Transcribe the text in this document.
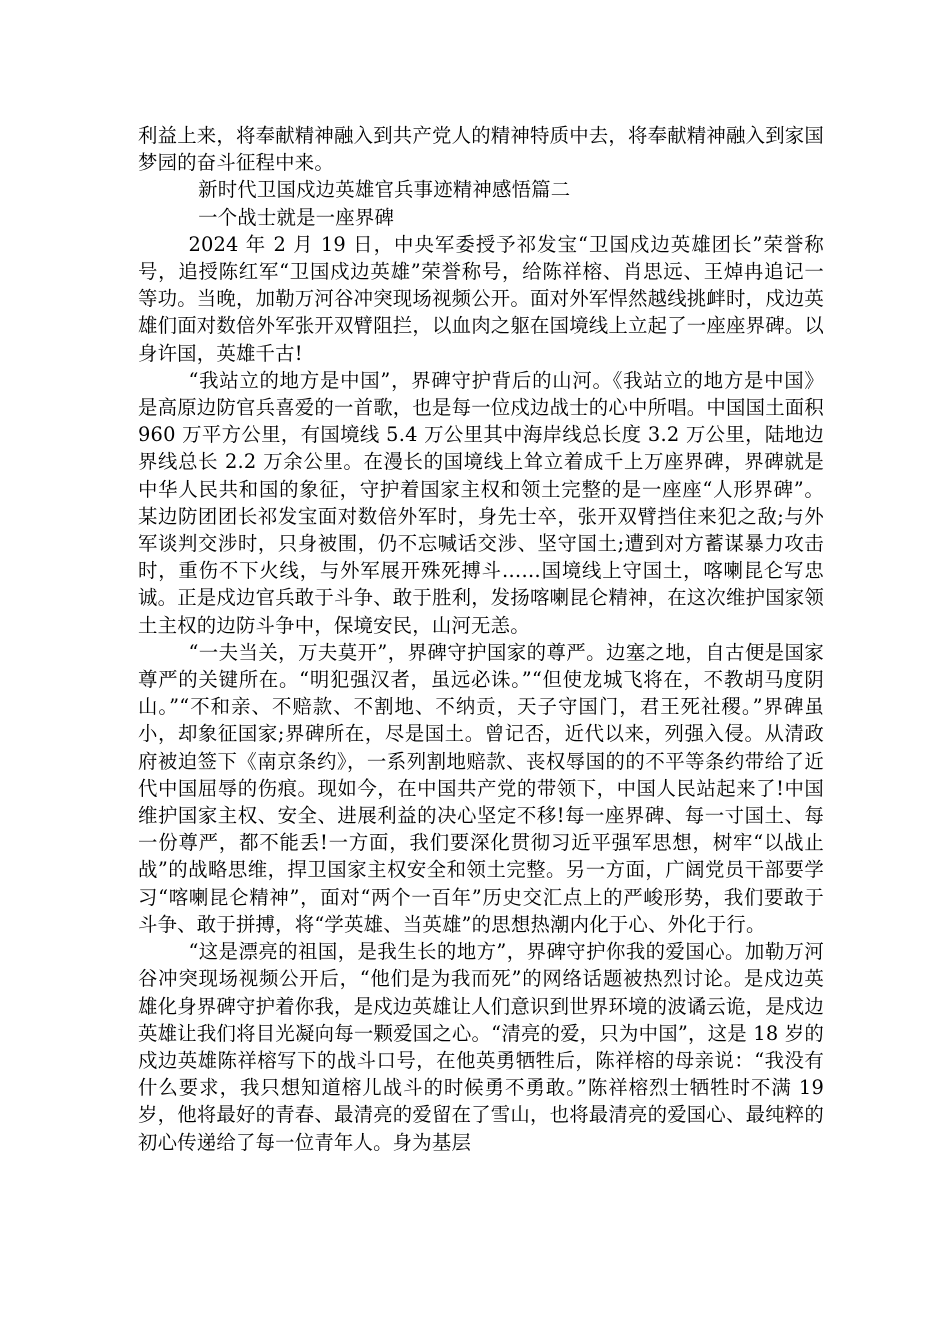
利益上来，将奉献精神融入到共产党人的精神特质中去，将奉献精神融入到家国梦园的奋斗征程中来。

新时代卫国戍边英雄官兵事迹精神感悟篇二

一个战士就是一座界碑

2024 年 2 月 19 日，中央军委授予祁发宝“卫国戍边英雄团长”荣誉称号，追授陈红军“卫国戍边英雄”荣誉称号，给陈祥榕、肖思远、王焯冉追记一等功。当晚，加勒万河谷冲突现场视频公开。面对外军悍然越线挑衅时，戍边英雄们面对数倍外军张开双臂阻拦，以血肉之躯在国境线上立起了一座座界碑。以身许国，英雄千古!

“我站立的地方是中国”，界碑守护背后的山河。《我站立的地方是中国》是高原边防官兵喜爱的一首歌，也是每一位戍边战士的心中所唱。中国国土面积 960 万平方公里，有国境线 5.4 万公里其中海岸线总长度 3.2 万公里，陆地边界线总长 2.2 万余公里。在漫长的国境线上耸立着成千上万座界碑，界碑就是中华人民共和国的象征，守护着国家主权和领土完整的是一座座“人形界碑”。某边防团团长祁发宝面对数倍外军时，身先士卒，张开双臂挡住来犯之敌;与外军谈判交涉时，只身被围，仍不忘喊话交涉、坚守国土;遭到对方蓄谋暴力攻击时，重伤不下火线，与外军展开殊死搏斗……国境线上守国土，喀喇昆仑写忠诚。正是戍边官兵敢于斗争、敢于胜利，发扬喀喇昆仑精神，在这次维护国家领土主权的边防斗争中，保境安民，山河无恙。

“一夫当关，万夫莫开”，界碑守护国家的尊严。边塞之地，自古便是国家尊严的关键所在。“明犯强汉者，虽远必诛。”“但使龙城飞将在，不教胡马度阴山。”“不和亲、不赔款、不割地、不纳贡，天子守国门，君王死社稷。”界碑虽小，却象征国家;界碑所在，尽是国土。曾记否，近代以来，列强入侵。从清政府被迫签下《南京条约》，一系列割地赔款、丧权辱国的的不平等条约带给了近代中国屈辱的伤痕。现如今，在中国共产党的带领下，中国人民站起来了!中国维护国家主权、安全、进展利益的决心坚定不移!每一座界碑、每一寸国土、每一份尊严，都不能丢!一方面，我们要深化贯彻习近平强军思想，树牢“以战止战”的战略思维，捍卫国家主权安全和领土完整。另一方面，广阔党员干部要学习“喀喇昆仑精神”，面对“两个一百年”历史交汇点上的严峻形势，我们要敢于斗争、敢于拼搏，将“学英雄、当英雄”的思想热潮内化于心、外化于行。

“这是漂亮的祖国，是我生长的地方”，界碑守护你我的爱国心。加勒万河谷冲突现场视频公开后，“他们是为我而死”的网络话题被热烈讨论。是戍边英雄化身界碑守护着你我，是戍边英雄让人们意识到世界环境的波谲云诡，是戍边英雄让我们将目光凝向每一颗爱国之心。“清亮的爱，只为中国”，这是 18 岁的戍边英雄陈祥榕写下的战斗口号，在他英勇牺牲后，陈祥榕的母亲说：“我没有什么要求，我只想知道榕儿战斗的时候勇不勇敢。”陈祥榕烈士牺牲时不满 19 岁，他将最好的青春、最清亮的爱留在了雪山，也将最清亮的爱国心、最纯粹的初心传递给了每一位青年人。身为基层
